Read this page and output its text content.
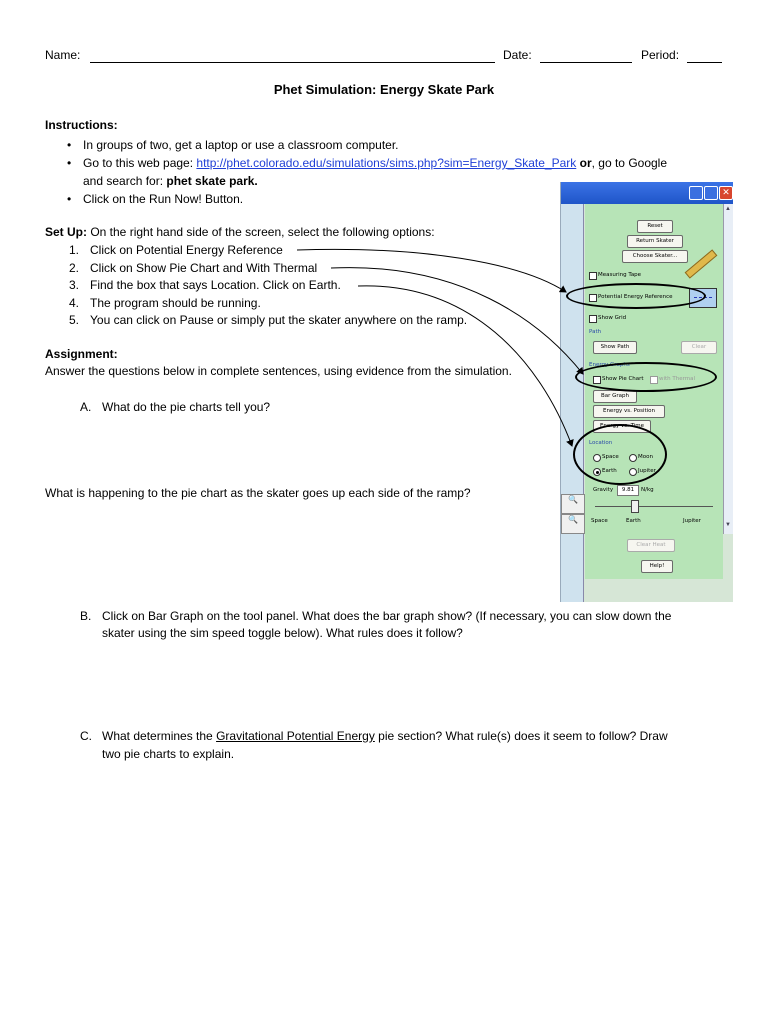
Name:	Date:	Period:
Phet Simulation: Energy Skate Park
Instructions:
• In groups of two, get a laptop or use a classroom computer.
• Go to this web page: http://phet.colorado.edu/simulations/sims.php?sim=Energy_Skate_Park or, go to Google
and search for: phet skate park.
• Click on the Run Now! Button.
Set Up: On the right hand side of the screen, select the following options:
1. Click on Potential Energy Reference
2. Click on Show Pie Chart and With Thermal
3. Find the box that says Location. Click on Earth.
4. The program should be running.
5. You can click on Pause or simply put the skater anywhere on the ramp.
Assignment:
Answer the questions below in complete sentences, using evidence from the simulation.
A. What do the pie charts tell you?
What is happening to the pie chart as the skater goes up each side of the ramp?
B. Click on Bar Graph on the tool panel. What does the bar graph show? (If necessary, you can slow down the
skater using the sim speed toggle below). What rules does it follow?
C. What determines the Gravitational Potential Energy pie section? What rule(s) does it seem to follow? Draw
two pie charts to explain.
✕
🔍
🔍
Reset
Return Skater
Choose Skater...
Measuring Tape
Potential Energy Reference
Show Grid
Path
Show Path	Clear
Energy Graphs
Show Pie Chart	with Thermal
Bar Graph
Energy vs. Position
Energy vs. Time
Location
Space	Moon
Earth	Jupiter
Gravity	9.81	N/kg
Space	Earth	Jupiter
Clear Heat
Help!
▲
▼
